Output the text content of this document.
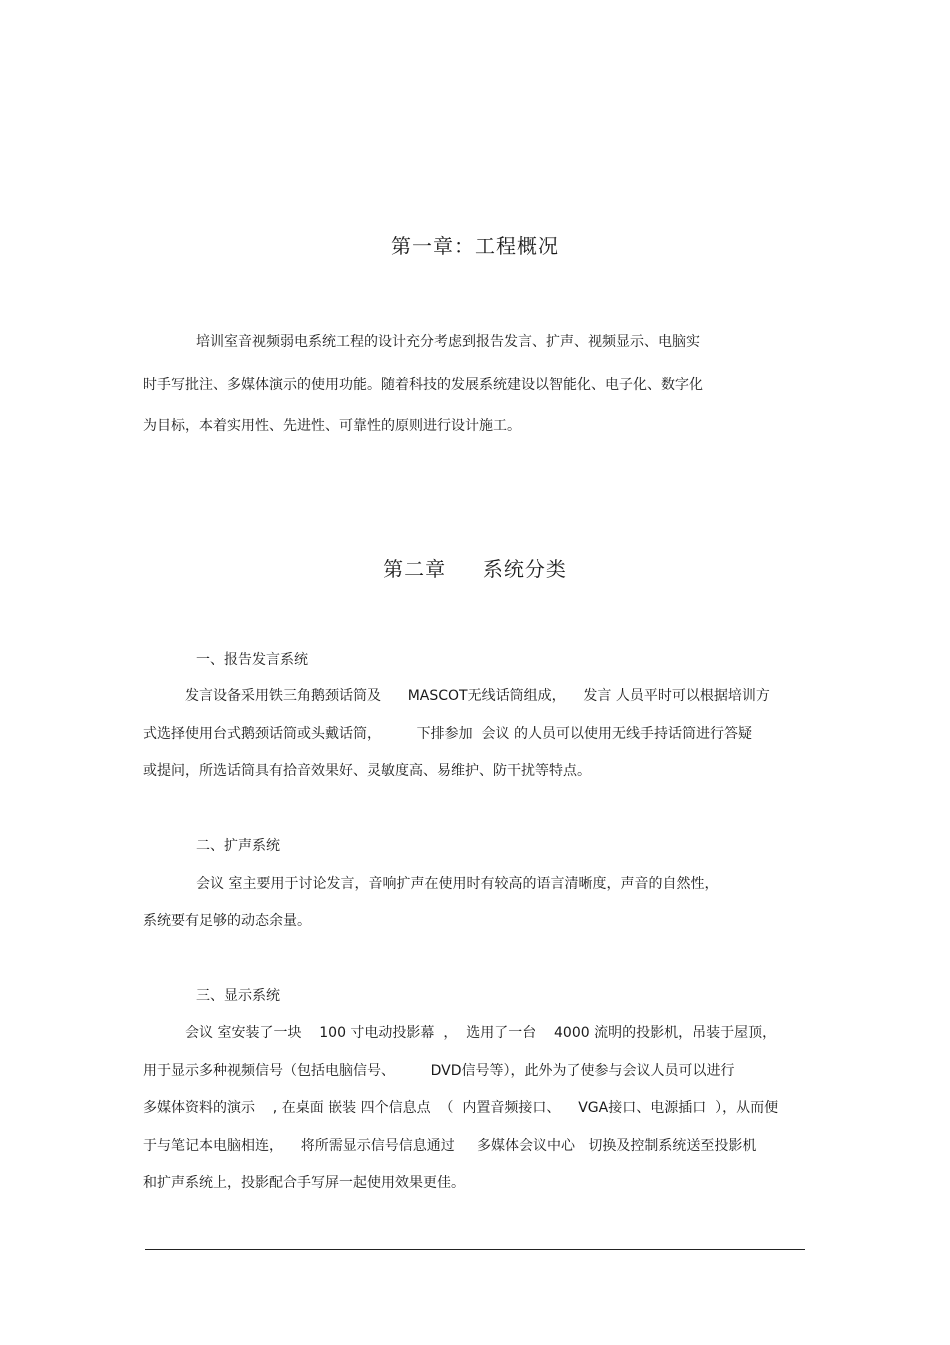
第一章：工程概况
培训室音视频弱电系统工程的设计充分考虑到报告发言、扩声、视频显示、电脑实
时手写批注、多媒体演示的使用功能。随着科技的发展系统建设以智能化、电子化、数字化
为目标，本着实用性、先进性、可靠性的原则进行设计施工。
第二章     系统分类
一、报告发言系统
发言设备采用铁三角鹅颈话筒及      MASCOT无线话筒组成，    发言 人员平时可以根据培训方
式选择使用台式鹅颈话筒或头戴话筒，        下排参加  会议 的人员可以使用无线手持话筒进行答疑
或提问，所选话筒具有拾音效果好、灵敏度高、易维护、防干扰等特点。
二、扩声系统
会议 室主要用于讨论发言，音响扩声在使用时有较高的语言清晰度，声音的自然性，
系统要有足够的动态余量。
三、显示系统
会议 室安装了一块    100 寸电动投影幕  ，  选用了一台    4000 流明的投影机，吊装于屋顶，
用于显示多种视频信号（包括电脑信号、        DVD信号等），此外为了使参与会议人员可以进行
多媒体资料的演示    , 在桌面 嵌装 四个信息点  （  内置音频接口、    VGA接口、电源插口  ），从而便
于与笔记本电脑相连，    将所需显示信号信息通过     多媒体会议中心   切换及控制系统送至投影机
和扩声系统上，投影配合手写屏一起使用效果更佳。
